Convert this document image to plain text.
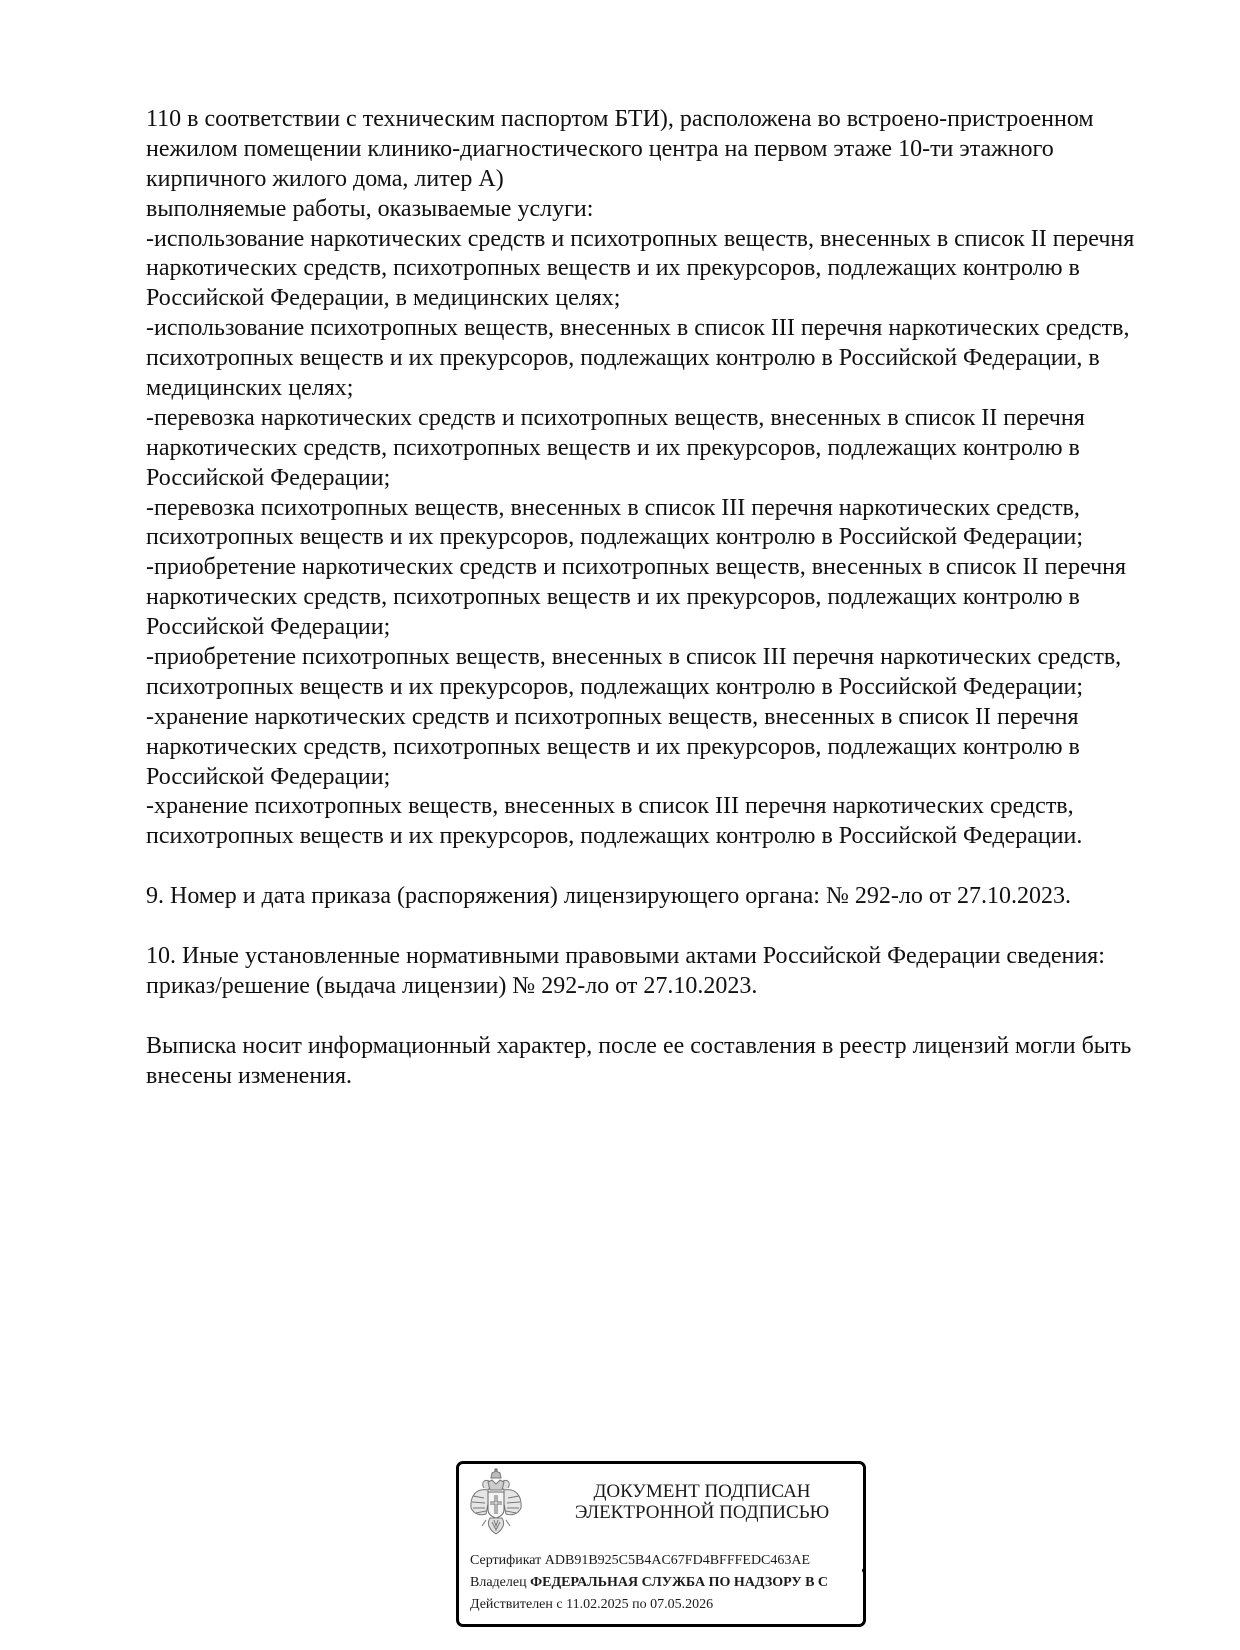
110 в соответствии с техническим паспортом БТИ), расположена во встроено-пристроенном
нежилом помещении клинико-диагностического центра на первом этаже 10-ти этажного
кирпичного жилого дома, литер А)
выполняемые работы, оказываемые услуги:
-использование наркотических средств и психотропных веществ, внесенных в список II перечня
наркотических средств, психотропных веществ и их прекурсоров, подлежащих контролю в
Российской Федерации, в медицинских целях;
-использование психотропных веществ, внесенных в список III перечня наркотических средств,
психотропных веществ и их прекурсоров, подлежащих контролю в Российской Федерации, в
медицинских целях;
-перевозка наркотических средств и психотропных веществ, внесенных в список II перечня
наркотических средств, психотропных веществ и их прекурсоров, подлежащих контролю в
Российской Федерации;
-перевозка психотропных веществ, внесенных в список III перечня наркотических средств,
психотропных веществ и их прекурсоров, подлежащих контролю в Российской Федерации;
-приобретение наркотических средств и психотропных веществ, внесенных в список II перечня
наркотических средств, психотропных веществ и их прекурсоров, подлежащих контролю в
Российской Федерации;
-приобретение психотропных веществ, внесенных в список III перечня наркотических средств,
психотропных веществ и их прекурсоров, подлежащих контролю в Российской Федерации;
-хранение наркотических средств и психотропных веществ, внесенных в список II перечня
наркотических средств, психотропных веществ и их прекурсоров, подлежащих контролю в
Российской Федерации;
-хранение психотропных веществ, внесенных в список III перечня наркотических средств,
психотропных веществ и их прекурсоров, подлежащих контролю в Российской Федерации.
9. Номер и дата приказа (распоряжения) лицензирующего органа: № 292-ло от 27.10.2023.
10. Иные установленные нормативными правовыми актами Российской Федерации сведения:
приказ/решение (выдача лицензии) № 292-ло от 27.10.2023.
Выписка носит информационный характер, после ее составления в реестр лицензий могли быть
внесены изменения.
ДОКУМЕНТ ПОДПИСАН
ЭЛЕКТРОННОЙ ПОДПИСЬЮ
Сертификат ADB91B925C5B4AC67FD4BFFFEDC463AE
Владелец ФЕДЕРАЛЬНАЯ СЛУЖБА ПО НАДЗОРУ В С
Действителен с 11.02.2025 по 07.05.2026
